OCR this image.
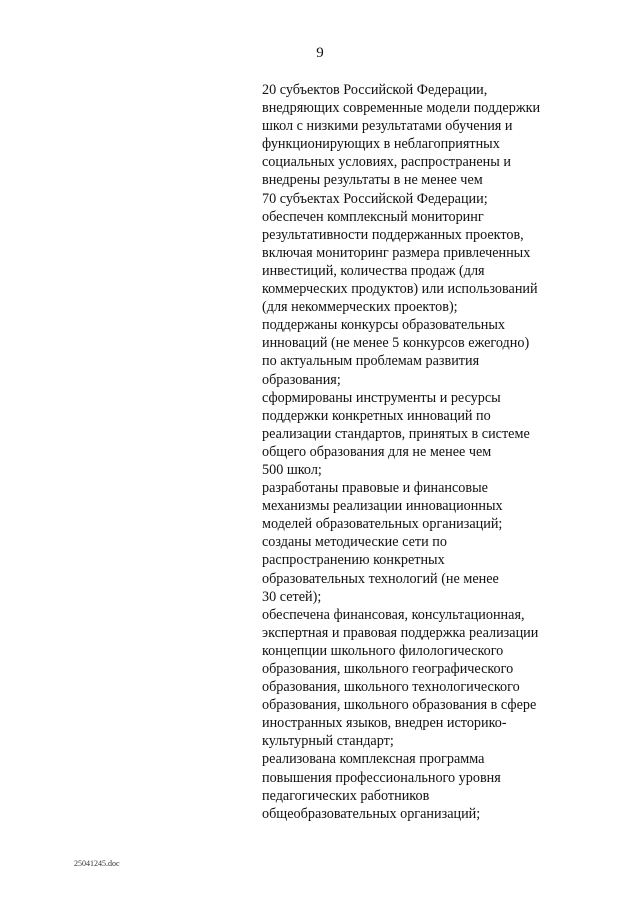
9
20 субъектов Российской Федерации,
внедряющих современные модели поддержки
школ с низкими результатами обучения и
функционирующих в неблагоприятных
социальных условиях, распространены и
внедрены результаты в не менее чем
70 субъектах Российской Федерации;
обеспечен комплексный мониторинг
результативности поддержанных проектов,
включая мониторинг размера привлеченных
инвестиций, количества продаж (для
коммерческих продуктов) или использований
(для некоммерческих проектов);
поддержаны конкурсы образовательных
инноваций (не менее 5 конкурсов ежегодно)
по актуальным проблемам развития
образования;
сформированы инструменты и ресурсы
поддержки конкретных инноваций по
реализации стандартов, принятых в системе
общего образования для не менее чем
500 школ;
разработаны правовые и финансовые
механизмы реализации инновационных
моделей образовательных организаций;
созданы методические сети по
распространению конкретных
образовательных технологий (не менее
30 сетей);
обеспечена финансовая, консультационная,
экспертная и правовая поддержка реализации
концепции школьного филологического
образования, школьного географического
образования, школьного технологического
образования, школьного образования в сфере
иностранных языков, внедрен историко-
культурный стандарт;
реализована комплексная программа
повышения профессионального уровня
педагогических работников
общеобразовательных организаций;
25041245.doc
